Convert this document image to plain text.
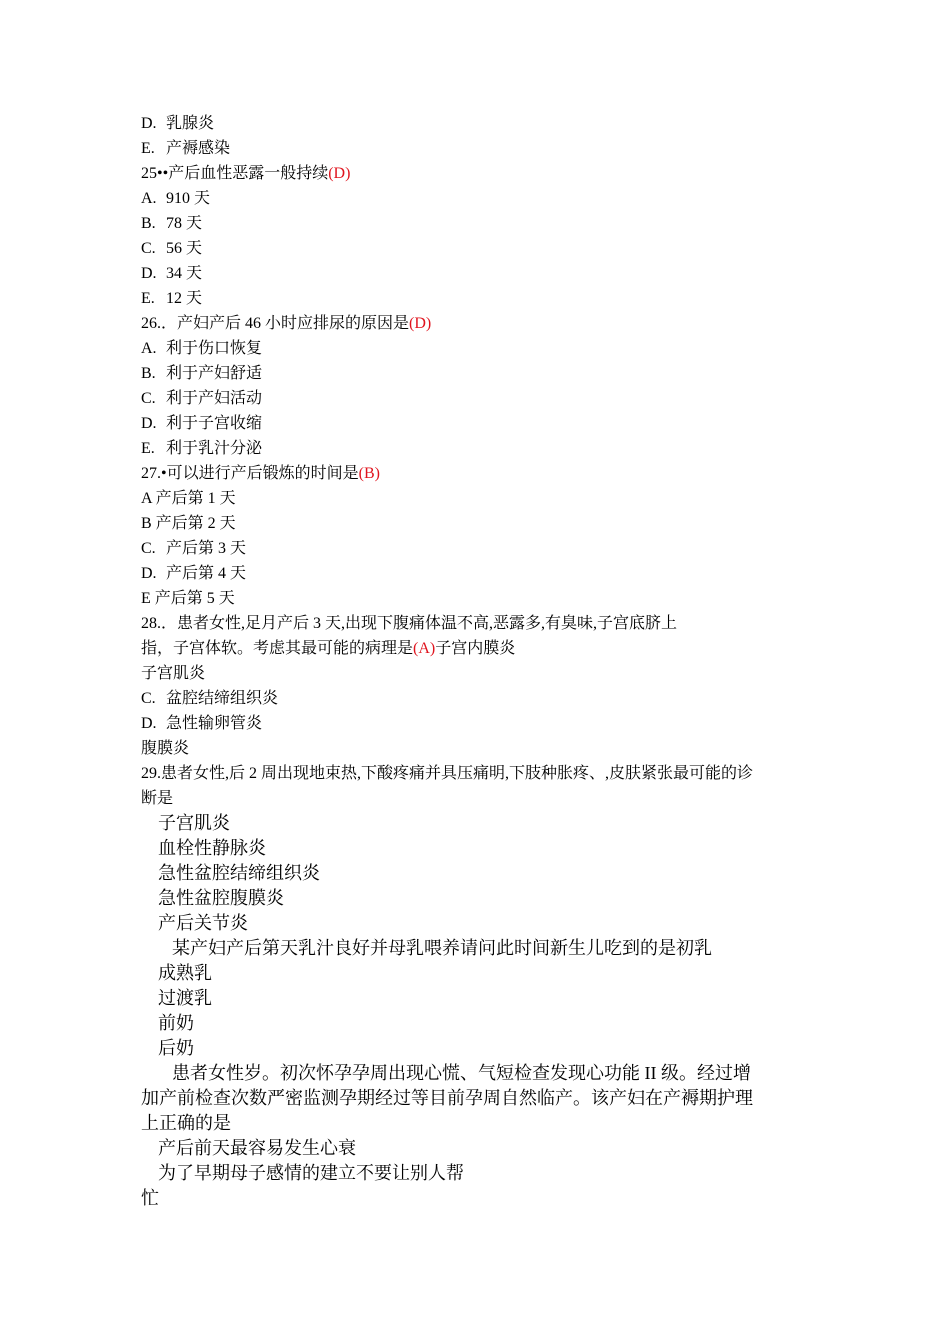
D. 乳腺炎
E. 产褥感染
25••产后血性恶露一般持续(D)
A. 910 天
B. 78 天
C. 56 天
D. 34 天
E. 12 天
26.．产妇产后 46 小时应排尿的原因是(D)
A. 利于伤口恢复
B. 利于产妇舒适
C. 利于产妇活动
D. 利于子宫收缩
E. 利于乳汁分泌
27.•可以进行产后锻炼的时间是(B)
A 产后第 1 天
B 产后第 2 天
C. 产后第 3 天
D. 产后第 4 天
E 产后第 5 天
28.．患者女性,足月产后 3 天,出现下腹痛体温不高,恶露多,有臭味,子宫底脐上
指，子宫体软。考虑其最可能的病理是(A)子宫内膜炎
子宫肌炎
C. 盆腔结缔组织炎
D. 急性输卵管炎
腹膜炎
29.患者女性,后 2 周出现地束热,下酸疼痛并具压痛明,下肢种胀疼、,皮肤紧张最可能的诊
断是
子宫肌炎
血栓性静脉炎
急性盆腔结缔组织炎
急性盆腔腹膜炎
产后关节炎
某产妇产后第天乳汁良好并母乳喂养请问此时间新生儿吃到的是初乳
成熟乳
过渡乳
前奶
后奶
患者女性岁。初次怀孕孕周出现心慌、气短检查发现心功能 II 级。经过增
加产前检查次数严密监测孕期经过等目前孕周自然临产。该产妇在产褥期护理
上正确的是
产后前天最容易发生心衰
为了早期母子感情的建立不要让别人帮
忙
